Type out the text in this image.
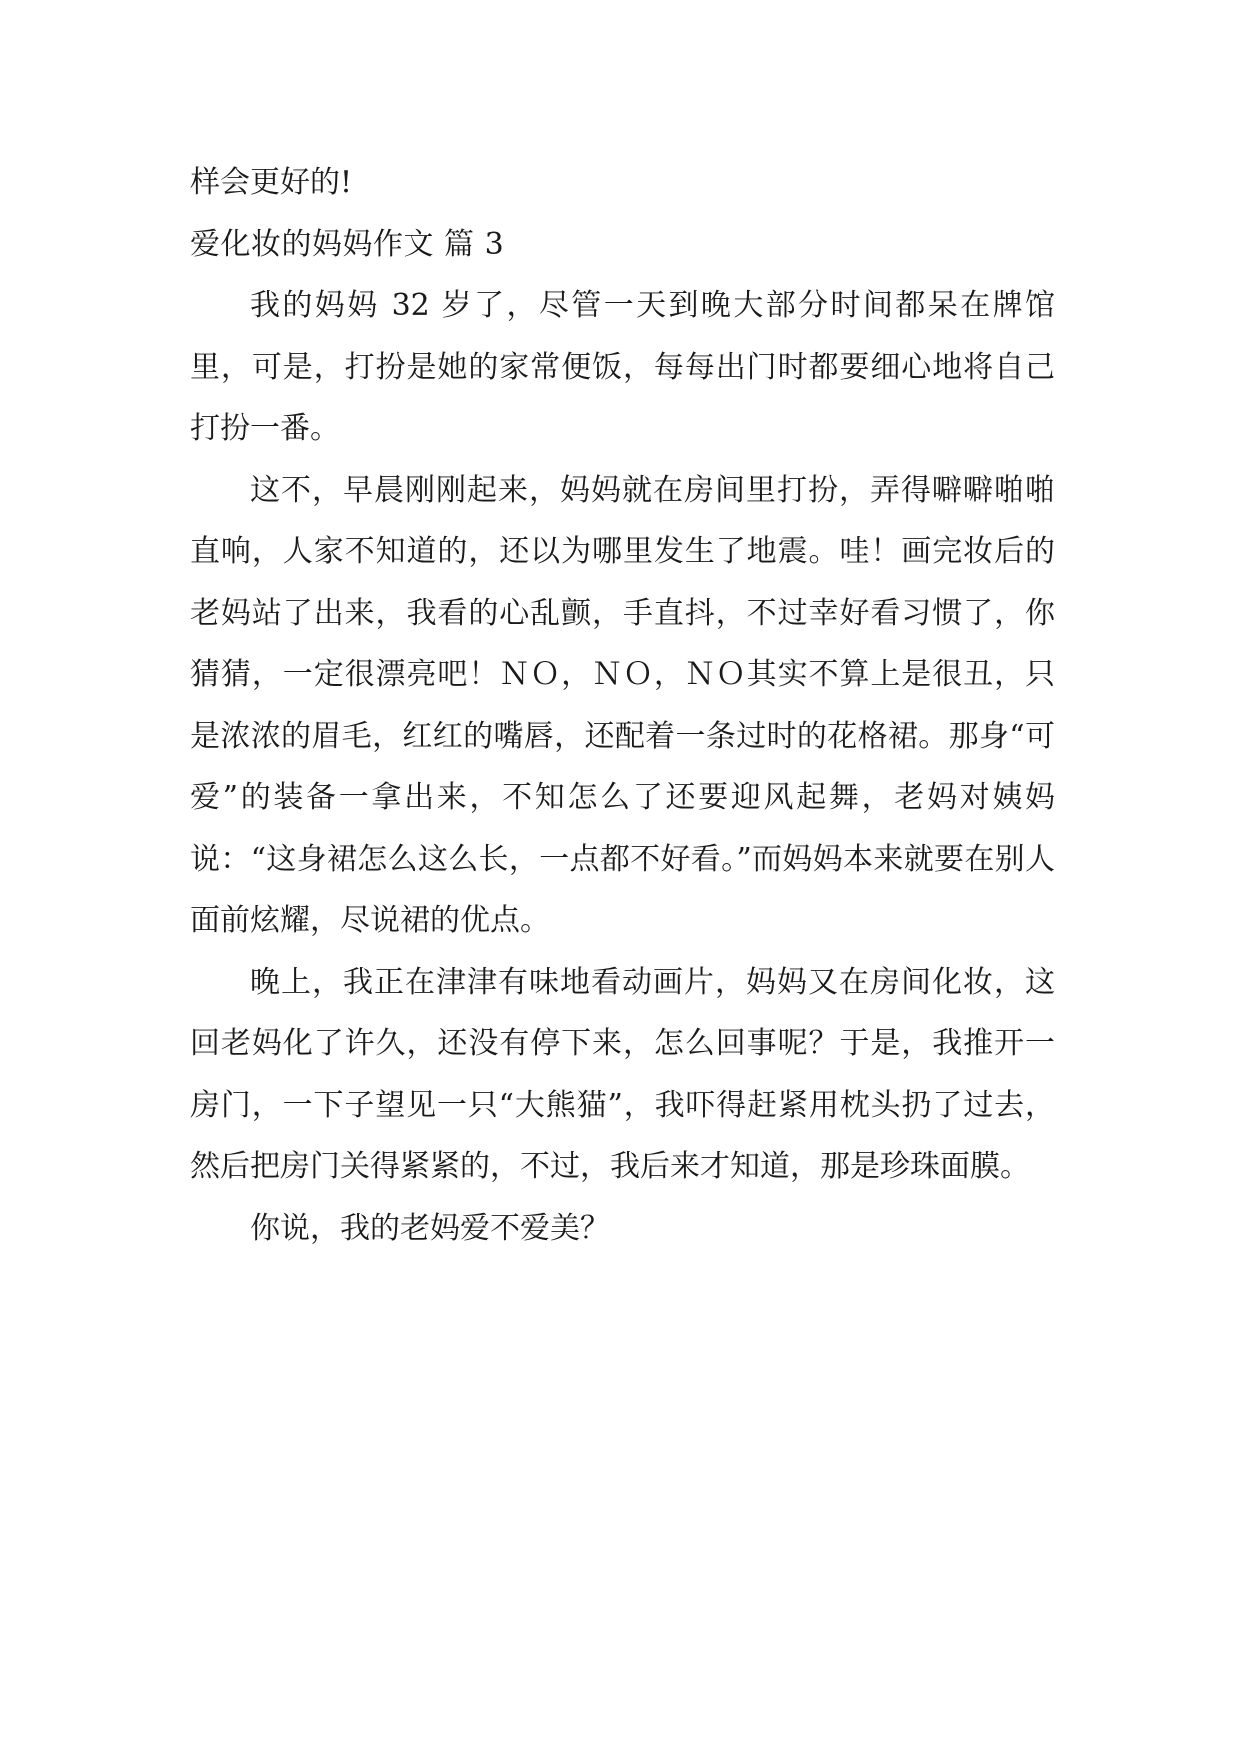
样会更好的!

爱化妆的妈妈作文 篇 3

我的妈妈 32 岁了，尽管一天到晚大部分时间都呆在牌馆里，可是，打扮是她的家常便饭，每每出门时都要细心地将自己打扮一番。

这不，早晨刚刚起来，妈妈就在房间里打扮，弄得噼噼啪啪直响，人家不知道的，还以为哪里发生了地震。哇！画完妆后的老妈站了出来，我看的心乱颤，手直抖，不过幸好看习惯了，你猜猜，一定很漂亮吧！ＮＯ，ＮＯ，ＮＯ其实不算上是很丑，只是浓浓的眉毛，红红的嘴唇，还配着一条过时的花格裙。那身“可爱”的装备一拿出来，不知怎么了还要迎风起舞，老妈对姨妈说：“这身裙怎么这么长，一点都不好看。”而妈妈本来就要在别人面前炫耀，尽说裙的优点。

晚上，我正在津津有味地看动画片，妈妈又在房间化妆，这回老妈化了许久，还没有停下来，怎么回事呢？于是，我推开一房门，一下子望见一只“大熊猫”，我吓得赶紧用枕头扔了过去，然后把房门关得紧紧的，不过，我后来才知道，那是珍珠面膜。

你说，我的老妈爱不爱美？
